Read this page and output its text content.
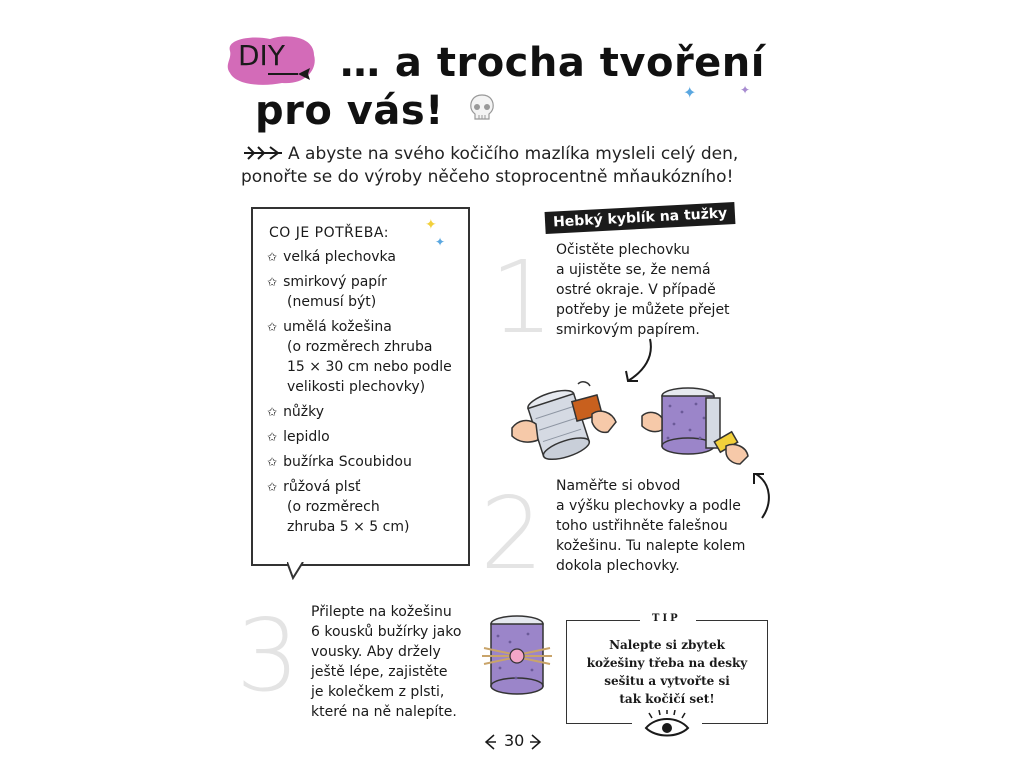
DIY … a trocha tvoření
pro vás!	✦	✦
A abyste na svého kočičího mazlíka mysleli celý den,
ponořte se do výroby něčeho stoprocentně mňaukózního!
CO JE POTŘEBA:
✩ velká plechovka
✩ smirkový papír
(nemusí být)
✩ umělá kožešina
(o rozměrech zhruba
15 × 30 cm nebo podle
velikosti plechovky)
✩ nůžky
✩ lepidlo
✩ bužírka Scoubidou
✩ růžová plsť
(o rozměrech
zhruba 5 × 5 cm)
✦
✦
Hebký kyblík na tužky
1 Očistěte plechovku
a ujistěte se, že nemá
ostré okraje. V případě
potřeby je můžete přejet
smirkovým papírem.
2 Naměřte si obvod
a výšku plechovky a podle
toho ustřihněte falešnou
kožešinu. Tu nalepte kolem
dokola plechovky.
3 Přilepte na kožešinu
6 kousků bužírky jako
vousky. Aby držely
ještě lépe, zajistěte
je kolečkem z plsti,
které na ně nalepíte.
TIP
Nalepte si zbytek
kožešiny třeba na desky
sešitu a vytvořte si
tak kočičí set!
30
